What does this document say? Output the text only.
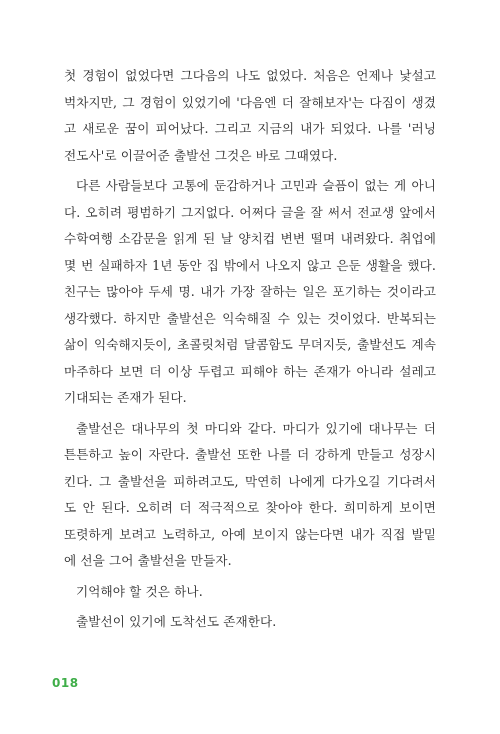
첫 경험이 없었다면 그다음의 나도 없었다. 처음은 언제나 낯설고
벅차지만, 그 경험이 있었기에 '다음엔 더 잘해보자'는 다짐이 생겼
고 새로운 꿈이 피어났다. 그리고 지금의 내가 되었다. 나를 '러닝
전도사'로 이끌어준 출발선 그것은 바로 그때였다.
다른 사람들보다 고통에 둔감하거나 고민과 슬픔이 없는 게 아니
다. 오히려 평범하기 그지없다. 어쩌다 글을 잘 써서 전교생 앞에서
수학여행 소감문을 읽게 된 날 양치컵 변변 떨며 내려왔다. 취업에
몇 번 실패하자 1년 동안 집 밖에서 나오지 않고 은둔 생활을 했다.
친구는 많아야 두세 명. 내가 가장 잘하는 일은 포기하는 것이라고
생각했다. 하지만 출발선은 익숙해질 수 있는 것이었다. 반복되는
삶이 익숙해지듯이, 초콜릿처럼 달콤함도 무뎌지듯, 출발선도 계속
마주하다 보면 더 이상 두렵고 피해야 하는 존재가 아니라 설레고
기대되는 존재가 된다.
출발선은 대나무의 첫 마디와 같다. 마디가 있기에 대나무는 더
튼튼하고 높이 자란다. 출발선 또한 나를 더 강하게 만들고 성장시
킨다. 그 출발선을 피하려고도, 막연히 나에게 다가오길 기다려서
도 안 된다. 오히려 더 적극적으로 찾아야 한다. 희미하게 보이면
또렷하게 보려고 노력하고, 아예 보이지 않는다면 내가 직접 발밑
에 선을 그어 출발선을 만들자.
기억해야 할 것은 하나.
출발선이 있기에 도착선도 존재한다.
018
